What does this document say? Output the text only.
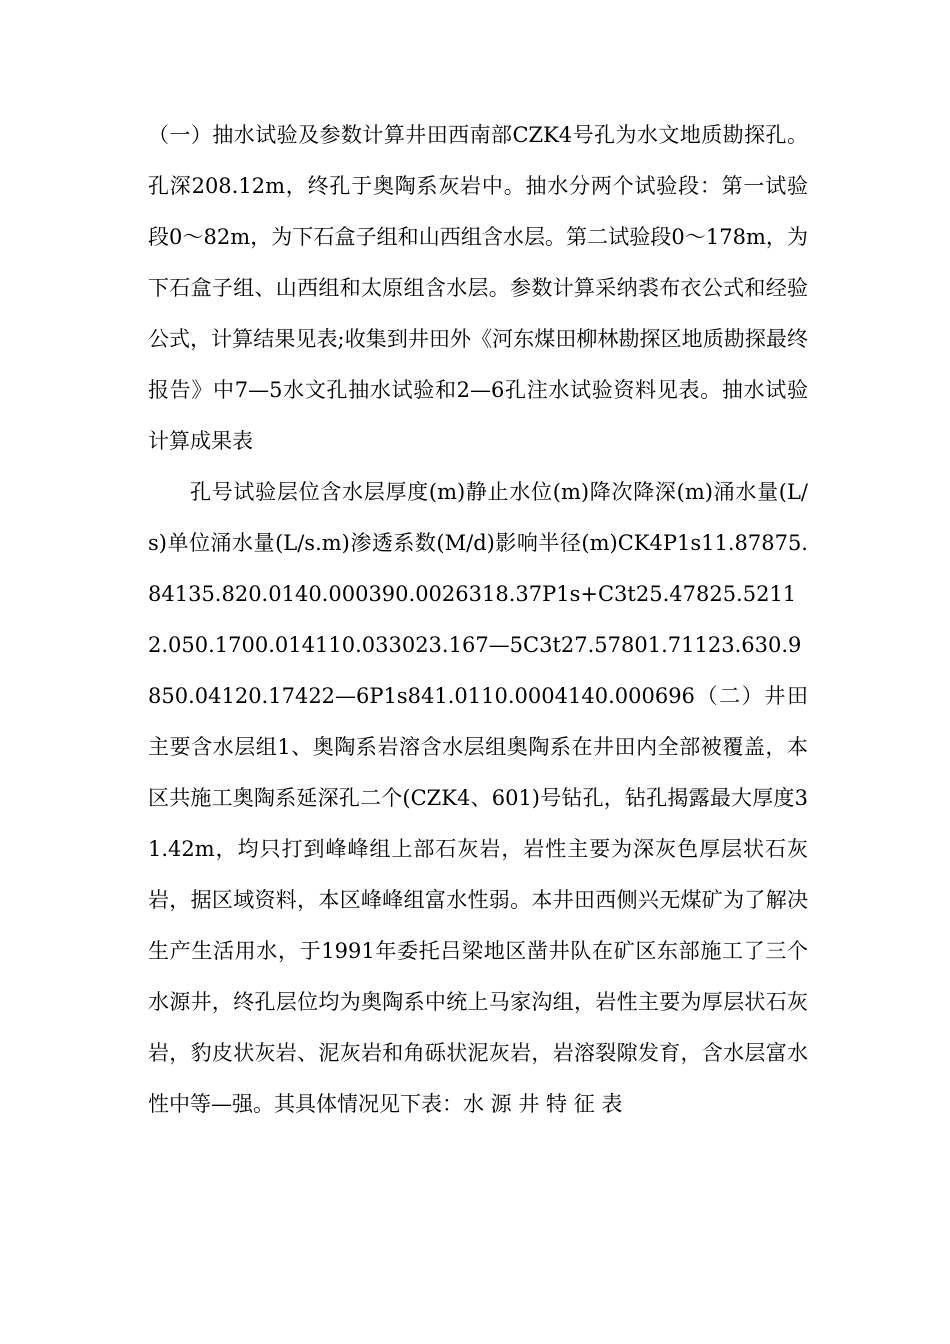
（一）抽水试验及参数计算井田西南部CZK4号孔为水文地质勘探孔。孔深208.12m，终孔于奥陶系灰岩中。抽水分两个试验段：第一试验段0～82m，为下石盒子组和山西组含水层。第二试验段0～178m，为下石盒子组、山西组和太原组含水层。参数计算采纳裘布衣公式和经验公式，计算结果见表;收集到井田外《河东煤田柳林勘探区地质勘探最终报告》中7—5水文孔抽水试验和2—6孔注水试验资料见表。抽水试验计算成果表

孔号试验层位含水层厚度(m)静止水位(m)降次降深(m)涌水量(L/s)单位涌水量(L/s.m)渗透系数(M/d)影响半径(m)CK4P1s11.87875.84135.820.0140.000390.0026318.37P1s+C3t25.47825.52112.050.1700.014110.033023.167—5C3t27.57801.71123.630.9850.04120.17422—6P1s841.0110.0004140.000696（二）井田主要含水层组1、奥陶系岩溶含水层组奥陶系在井田内全部被覆盖，本区共施工奥陶系延深孔二个(CZK4、601)号钻孔，钻孔揭露最大厚度31.42m，均只打到峰峰组上部石灰岩，岩性主要为深灰色厚层状石灰岩，据区域资料，本区峰峰组富水性弱。本井田西侧兴无煤矿为了解决生产生活用水，于1991年委托吕梁地区凿井队在矿区东部施工了三个水源井，终孔层位均为奥陶系中统上马家沟组，岩性主要为厚层状石灰岩，豹皮状灰岩、泥灰岩和角砾状泥灰岩，岩溶裂隙发育，含水层富水性中等—强。其具体情况见下表：水 源 井 特 征 表
